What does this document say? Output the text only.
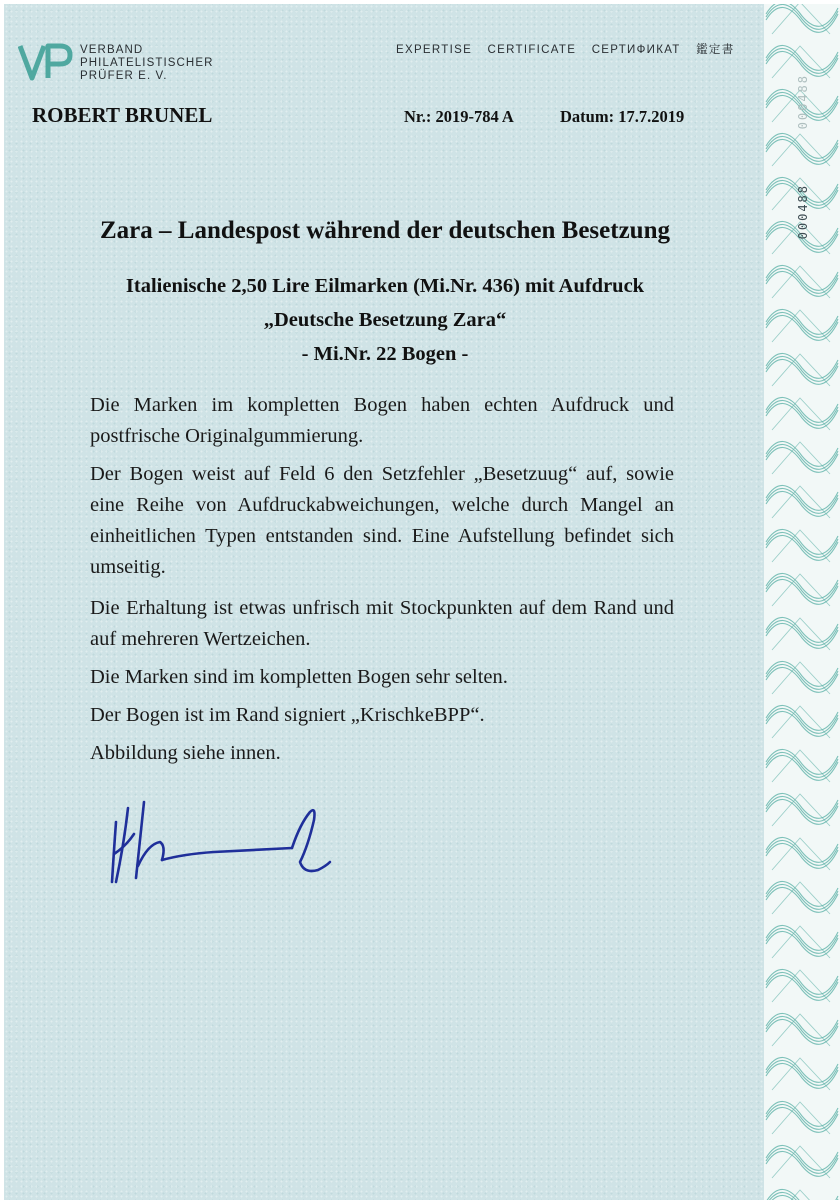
VERBAND
PHILATELISTISCHER
PRÜFER E. V.
EXPERTISE CERTIFICATE СЕРТИФИКАТ 鑑定書
ROBERT BRUNEL	Nr.: 2019-784 A	Datum: 17.7.2019	000488
000488
Zara – Landespost während der deutschen Besetzung
Italienische 2,50 Lire Eilmarken (Mi.Nr. 436) mit Aufdruck
„Deutsche Besetzung Zara“
- Mi.Nr. 22 Bogen -
Die Marken im kompletten Bogen haben echten Aufdruck und postfrische Originalgummierung.
Der Bogen weist auf Feld 6 den Setzfehler „Besetzuug“ auf, sowie eine Reihe von Aufdruckabweichungen, welche durch Mangel an einheitlichen Typen entstanden sind. Eine Aufstellung befindet sich umseitig.
Die Erhaltung ist etwas unfrisch mit Stockpunkten auf dem Rand und auf mehreren Wertzeichen.
Die Marken sind im kompletten Bogen sehr selten.
Der Bogen ist im Rand signiert „KrischkeBPP“.
Abbildung siehe innen.
